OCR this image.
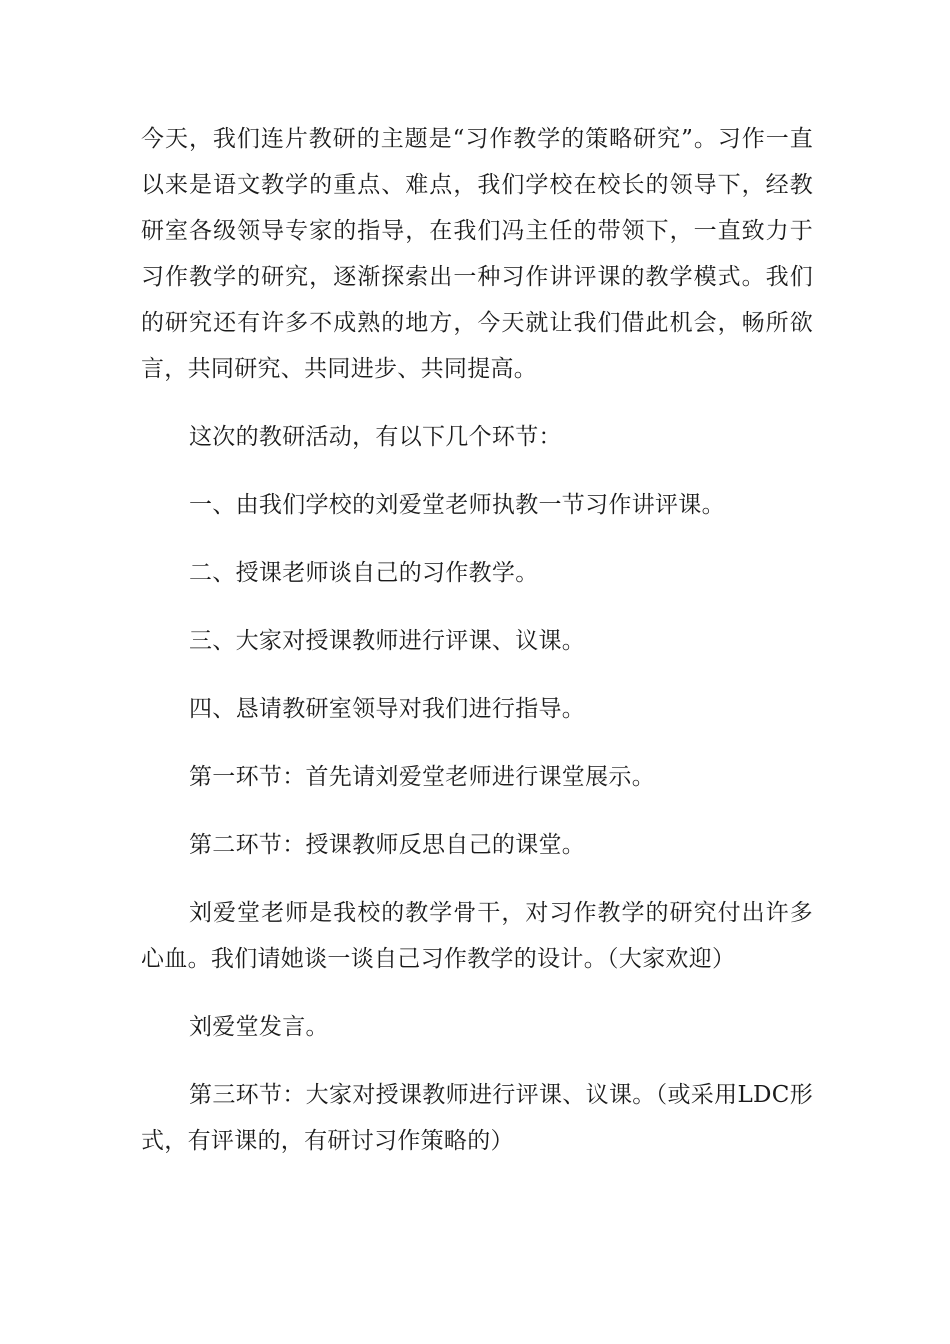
今天，我们连片教研的主题是“习作教学的策略研究”。习作一直以来是语文教学的重点、难点，我们学校在校长的领导下，经教研室各级领导专家的指导，在我们冯主任的带领下，一直致力于习作教学的研究，逐渐探索出一种习作讲评课的教学模式。我们的研究还有许多不成熟的地方，今天就让我们借此机会，畅所欲言，共同研究、共同进步、共同提高。

这次的教研活动，有以下几个环节：

一、由我们学校的刘爱堂老师执教一节习作讲评课。

二、授课老师谈自己的习作教学。

三、大家对授课教师进行评课、议课。

四、恳请教研室领导对我们进行指导。

第一环节：首先请刘爱堂老师进行课堂展示。

第二环节：授课教师反思自己的课堂。

刘爱堂老师是我校的教学骨干，对习作教学的研究付出许多心血。我们请她谈一谈自己习作教学的设计。（大家欢迎）

刘爱堂发言。

第三环节：大家对授课教师进行评课、议课。（或采用LDC形式，有评课的，有研讨习作策略的）
